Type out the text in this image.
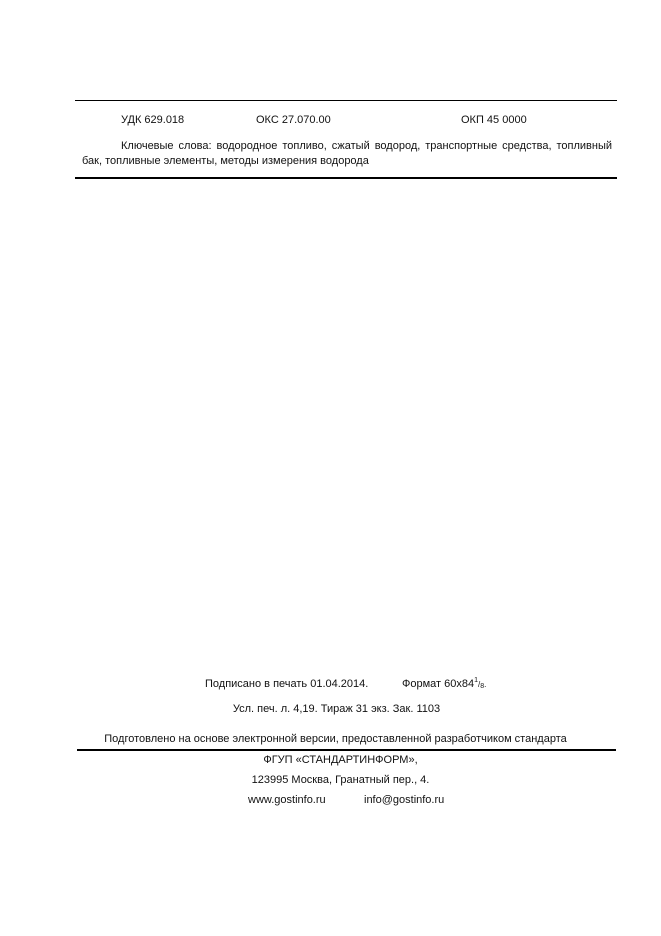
УДК 629.018	ОКС 27.070.00	ОКП 45 0000
Ключевые слова: водородное топливо, сжатый водород, транспортные средства, топливный бак, топливные элементы, методы измерения водорода
Подписано в печать 01.04.2014.	Формат $60x84^1/_8$.
Усл. печ. л. 4,19. Тираж 31 экз. Зак. 1103
Подготовлено на основе электронной версии, предоставленной разработчиком стандарта
ФГУП «СТАНДАРТИНФОРМ»,
123995 Москва, Гранатный пер., 4.
www.gostinfo.ru	info@gostinfo.ru
